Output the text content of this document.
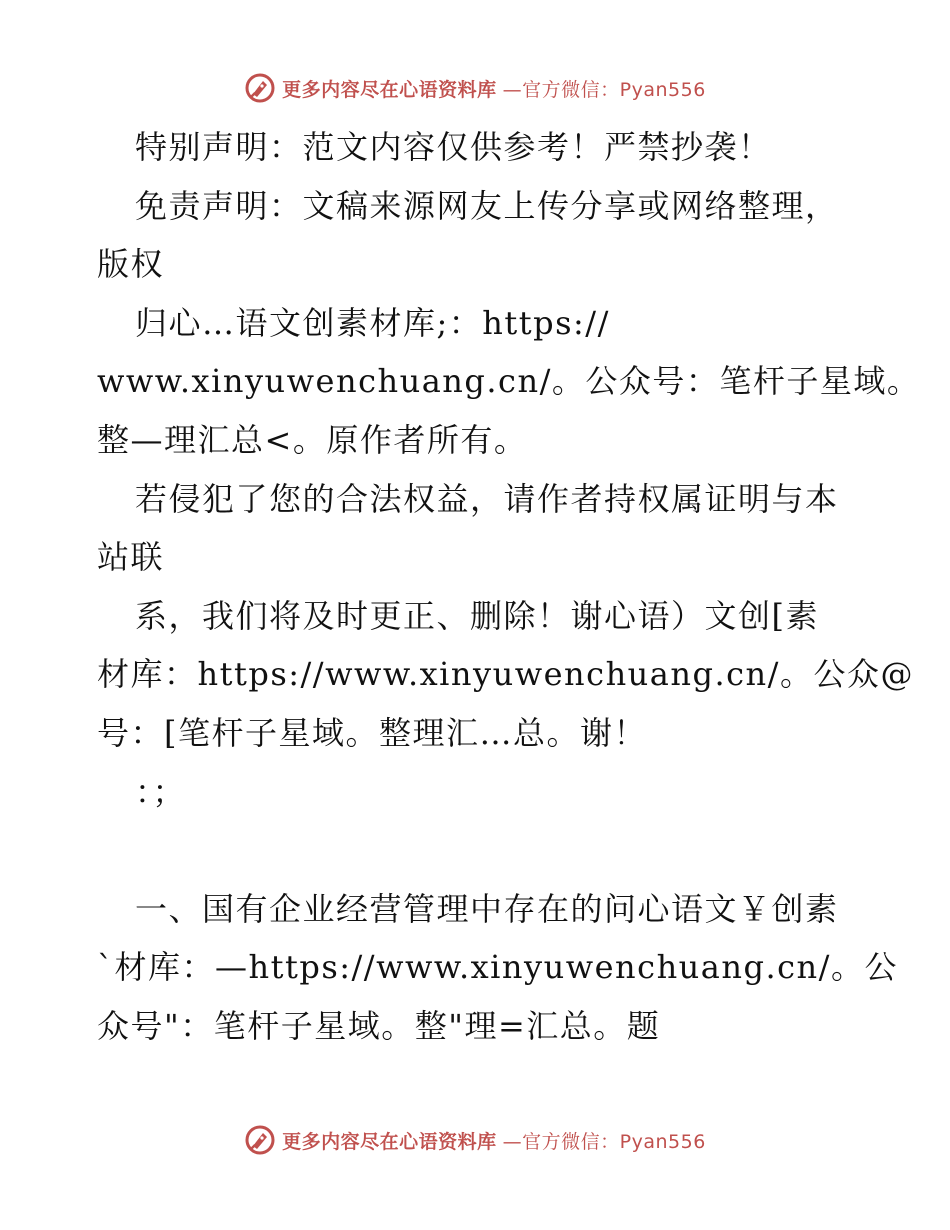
更多内容尽在心语资料库 —官方微信：Pyan556
特别声明：范文内容仅供参考！严禁抄袭！
免责声明：文稿来源网友上传分享或网络整理，
版权
归心…语文创素材库;：https://
www.xinyuwenchuang.cn/。公众号：笔杆子星域。
整—理汇总<。原作者所有。
若侵犯了您的合法权益，请作者持权属证明与本
站联
系，我们将及时更正、删除！谢心语）文创[素
材库：https://www.xinyuwenchuang.cn/。公众@
号：[笔杆子星域。整理汇…总。谢！
：；
一、国有企业经营管理中存在的问心语文￥创素
`材库：—https://www.xinyuwenchuang.cn/。公
众号"：笔杆子星域。整"理=汇总。题
更多内容尽在心语资料库 —官方微信：Pyan556
